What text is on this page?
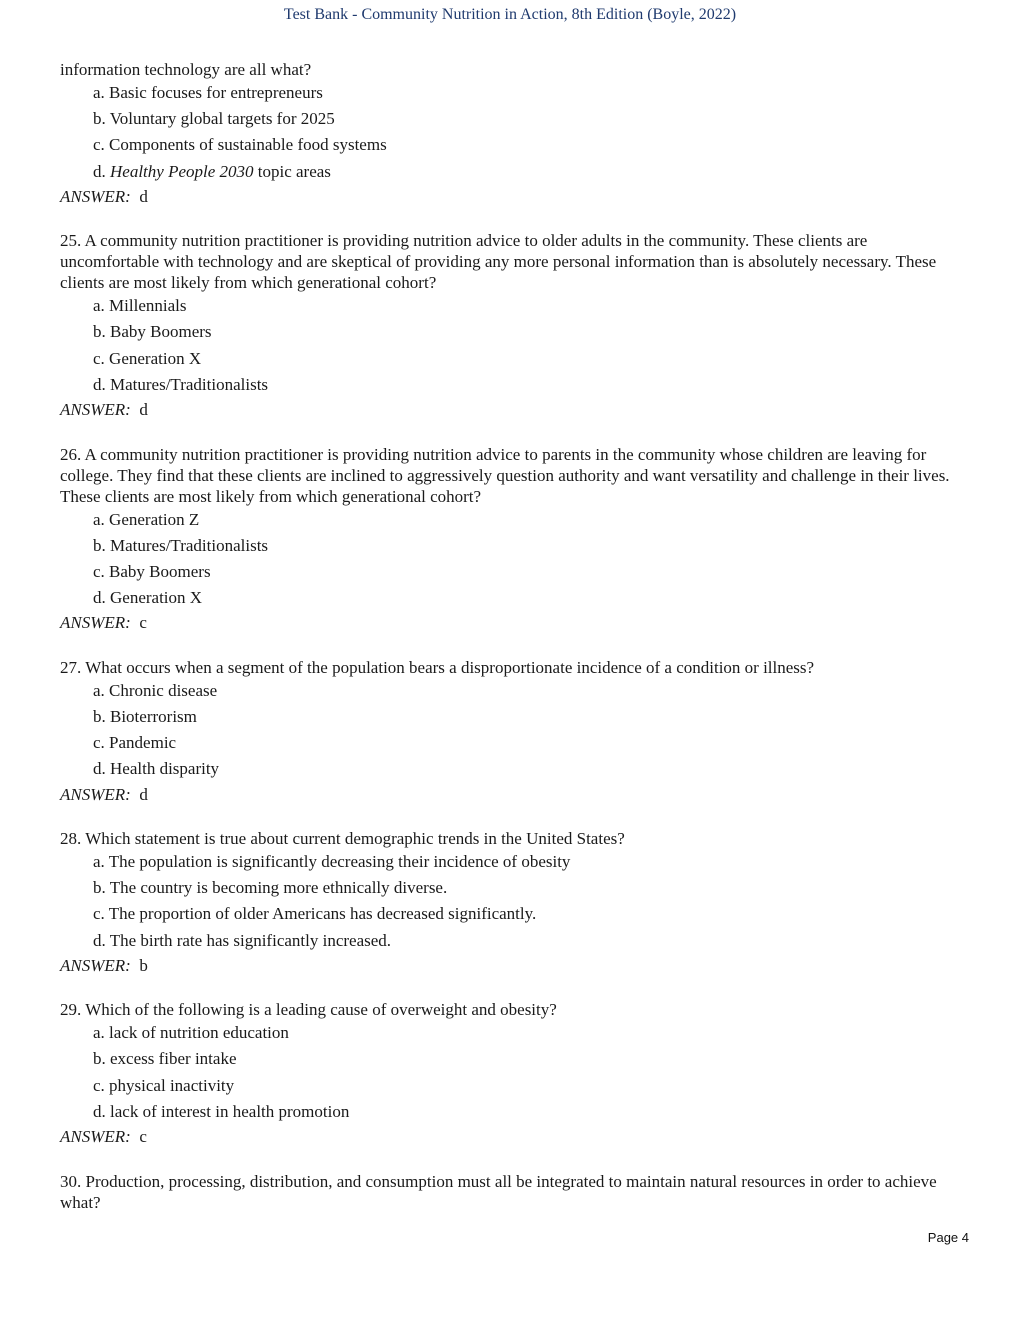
Test Bank - Community Nutrition in Action, 8th Edition (Boyle, 2022)

information technology are all what?

a. Basic focuses for entrepreneurs
b. Voluntary global targets for 2025
c. Components of sustainable food systems
d. Healthy People 2030 topic areas
ANSWER: d

25. A community nutrition practitioner is providing nutrition advice to older adults in the community. These clients are uncomfortable with technology and are skeptical of providing any more personal information than is absolutely necessary. These clients are most likely from which generational cohort?

a. Millennials
b. Baby Boomers
c. Generation X
d. Matures/Traditionalists
ANSWER: d

26. A community nutrition practitioner is providing nutrition advice to parents in the community whose children are leaving for college. They find that these clients are inclined to aggressively question authority and want versatility and challenge in their lives. These clients are most likely from which generational cohort?

a. Generation Z
b. Matures/Traditionalists
c. Baby Boomers
d. Generation X
ANSWER: c

27. What occurs when a segment of the population bears a disproportionate incidence of a condition or illness?

a. Chronic disease
b. Bioterrorism
c. Pandemic
d. Health disparity
ANSWER: d

28. Which statement is true about current demographic trends in the United States?

a. The population is significantly decreasing their incidence of obesity
b. The country is becoming more ethnically diverse.
c. The proportion of older Americans has decreased significantly.
d. The birth rate has significantly increased.
ANSWER: b

29. Which of the following is a leading cause of overweight and obesity?

a. lack of nutrition education
b. excess fiber intake
c. physical inactivity
d. lack of interest in health promotion
ANSWER: c

30. Production, processing, distribution, and consumption must all be integrated to maintain natural resources in order to achieve what?

Page 4
